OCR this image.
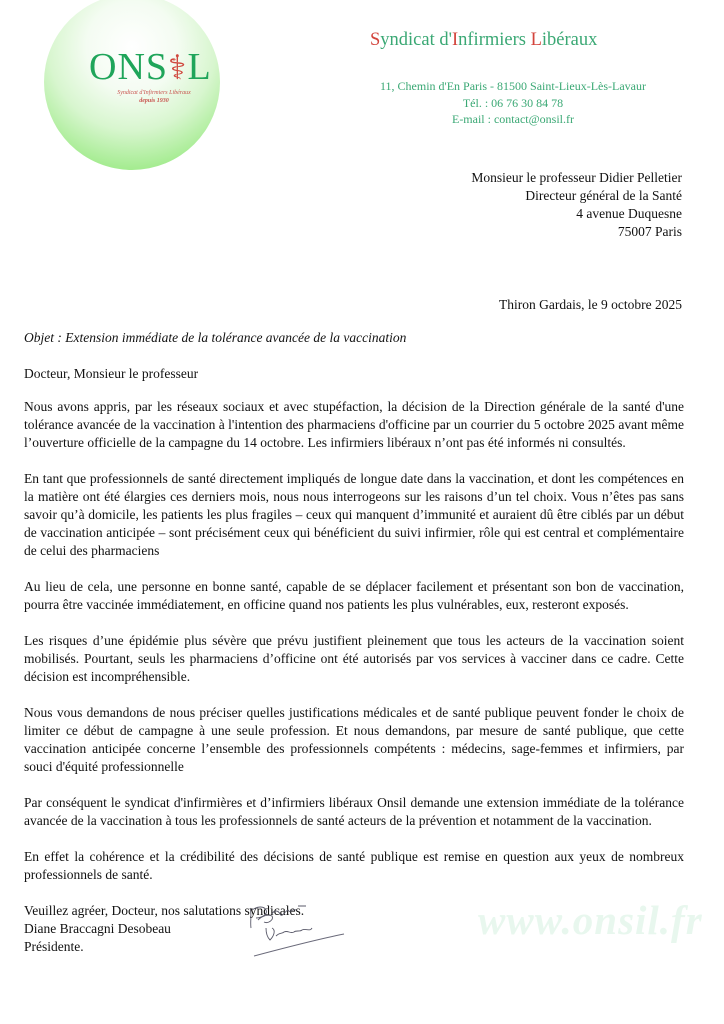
ONS⚕L
Syndicat d'Infirmiers Libéraux
depuis 1930
Syndicat d'Infirmiers Libéraux
11, Chemin d'En Paris - 81500 Saint-Lieux-Lès-Lavaur
Tél. : 06 76 30 84 78
E-mail : contact@onsil.fr
Monsieur le professeur Didier Pelletier
Directeur général de la Santé
4 avenue Duquesne
75007 Paris
Thiron Gardais, le 9 octobre 2025
Objet : Extension immédiate de la tolérance avancée de la vaccination
Docteur, Monsieur le professeur

Nous avons appris, par les réseaux sociaux et avec stupéfaction, la décision de la Direction générale de la santé d'une tolérance avancée de la vaccination à l'intention des pharmaciens d'officine par un courrier du 5 octobre 2025 avant même l’ouverture officielle de la campagne du 14 octobre. Les infirmiers libéraux n’ont pas été informés ni consultés.

En tant que professionnels de santé directement impliqués de longue date dans la vaccination, et dont les compétences en la matière ont été élargies ces derniers mois, nous nous interrogeons sur les raisons d’un tel choix. Vous n’êtes pas sans savoir qu’à domicile, les patients les plus fragiles – ceux qui manquent d’immunité et auraient dû être ciblés par un début de vaccination anticipée – sont précisément ceux qui bénéficient du suivi infirmier, rôle qui est central et complémentaire de celui des pharmaciens

Au lieu de cela, une personne en bonne santé, capable de se déplacer facilement et présentant son bon de vaccination, pourra être vaccinée immédiatement, en officine quand nos patients les plus vulnérables, eux, resteront exposés.

Les risques d’une épidémie plus sévère que prévu justifient pleinement que tous les acteurs de la vaccination soient mobilisés. Pourtant, seuls les pharmaciens d’officine ont été autorisés par vos services à vacciner dans ce cadre. Cette décision est incompréhensible.

Nous vous demandons de nous préciser quelles justifications médicales et de santé publique peuvent fonder le choix de limiter ce début de campagne à une seule profession. Et nous demandons, par mesure de santé publique, que cette vaccination anticipée concerne l’ensemble des professionnels compétents : médecins, sage-femmes et infirmiers, par souci d'équité professionnelle

Par conséquent le syndicat d'infirmières et d’infirmiers libéraux Onsil demande une extension immédiate de la tolérance avancée de la vaccination à tous les professionnels de santé acteurs de la prévention et notamment de la vaccination.

En effet la cohérence et la crédibilité des décisions de santé publique est remise en question aux yeux de nombreux professionnels de santé.

Veuillez agréer, Docteur, nos salutations syndicales.
Diane Braccagni Desobeau
Présidente.
www.onsil.fr
